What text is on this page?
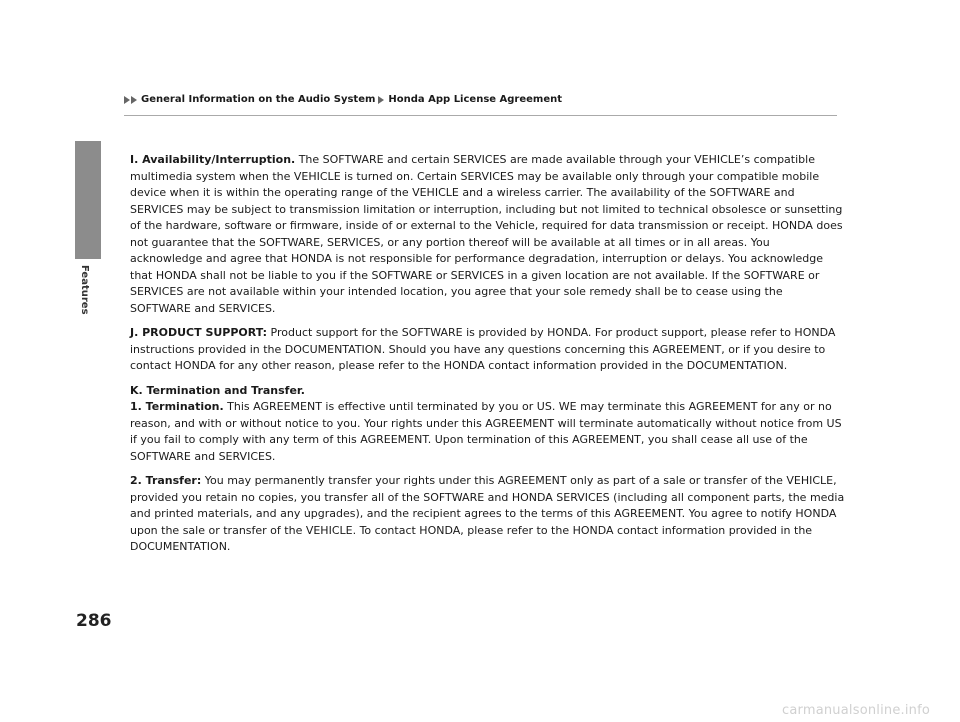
General Information on the Audio System Honda App License Agreement
Features

I. Availability/Interruption. The SOFTWARE and certain SERVICES are made available through your VEHICLE’s compatible multimedia system when the VEHICLE is turned on. Certain SERVICES may be available only through your compatible mobile device when it is within the operating range of the VEHICLE and a wireless carrier. The availability of the SOFTWARE and SERVICES may be subject to transmission limitation or interruption, including but not limited to technical obsolesce or sunsetting of the hardware, software or firmware, inside of or external to the Vehicle, required for data transmission or receipt. HONDA does not guarantee that the SOFTWARE, SERVICES, or any portion thereof will be available at all times or in all areas. You acknowledge and agree that HONDA is not responsible for performance degradation, interruption or delays. You acknowledge that HONDA shall not be liable to you if the SOFTWARE or SERVICES in a given location are not available. If the SOFTWARE or SERVICES are not available within your intended location, you agree that your sole remedy shall be to cease using the SOFTWARE and SERVICES.

J. PRODUCT SUPPORT: Product support for the SOFTWARE is provided by HONDA. For product support, please refer to HONDA instructions provided in the DOCUMENTATION. Should you have any questions concerning this AGREEMENT, or if you desire to contact HONDA for any other reason, please refer to the HONDA contact information provided in the DOCUMENTATION.

K. Termination and Transfer.
1. Termination. This AGREEMENT is effective until terminated by you or US. WE may terminate this AGREEMENT for any or no reason, and with or without notice to you. Your rights under this AGREEMENT will terminate automatically without notice from US if you fail to comply with any term of this AGREEMENT. Upon termination of this AGREEMENT, you shall cease all use of the SOFTWARE and SERVICES.

2. Transfer: You may permanently transfer your rights under this AGREEMENT only as part of a sale or transfer of the VEHICLE, provided you retain no copies, you transfer all of the SOFTWARE and HONDA SERVICES (including all component parts, the media and printed materials, and any upgrades), and the recipient agrees to the terms of this AGREEMENT. You agree to notify HONDA upon the sale or transfer of the VEHICLE. To contact HONDA, please refer to the HONDA contact information provided in the DOCUMENTATION.

286
carmanualsonline.info
